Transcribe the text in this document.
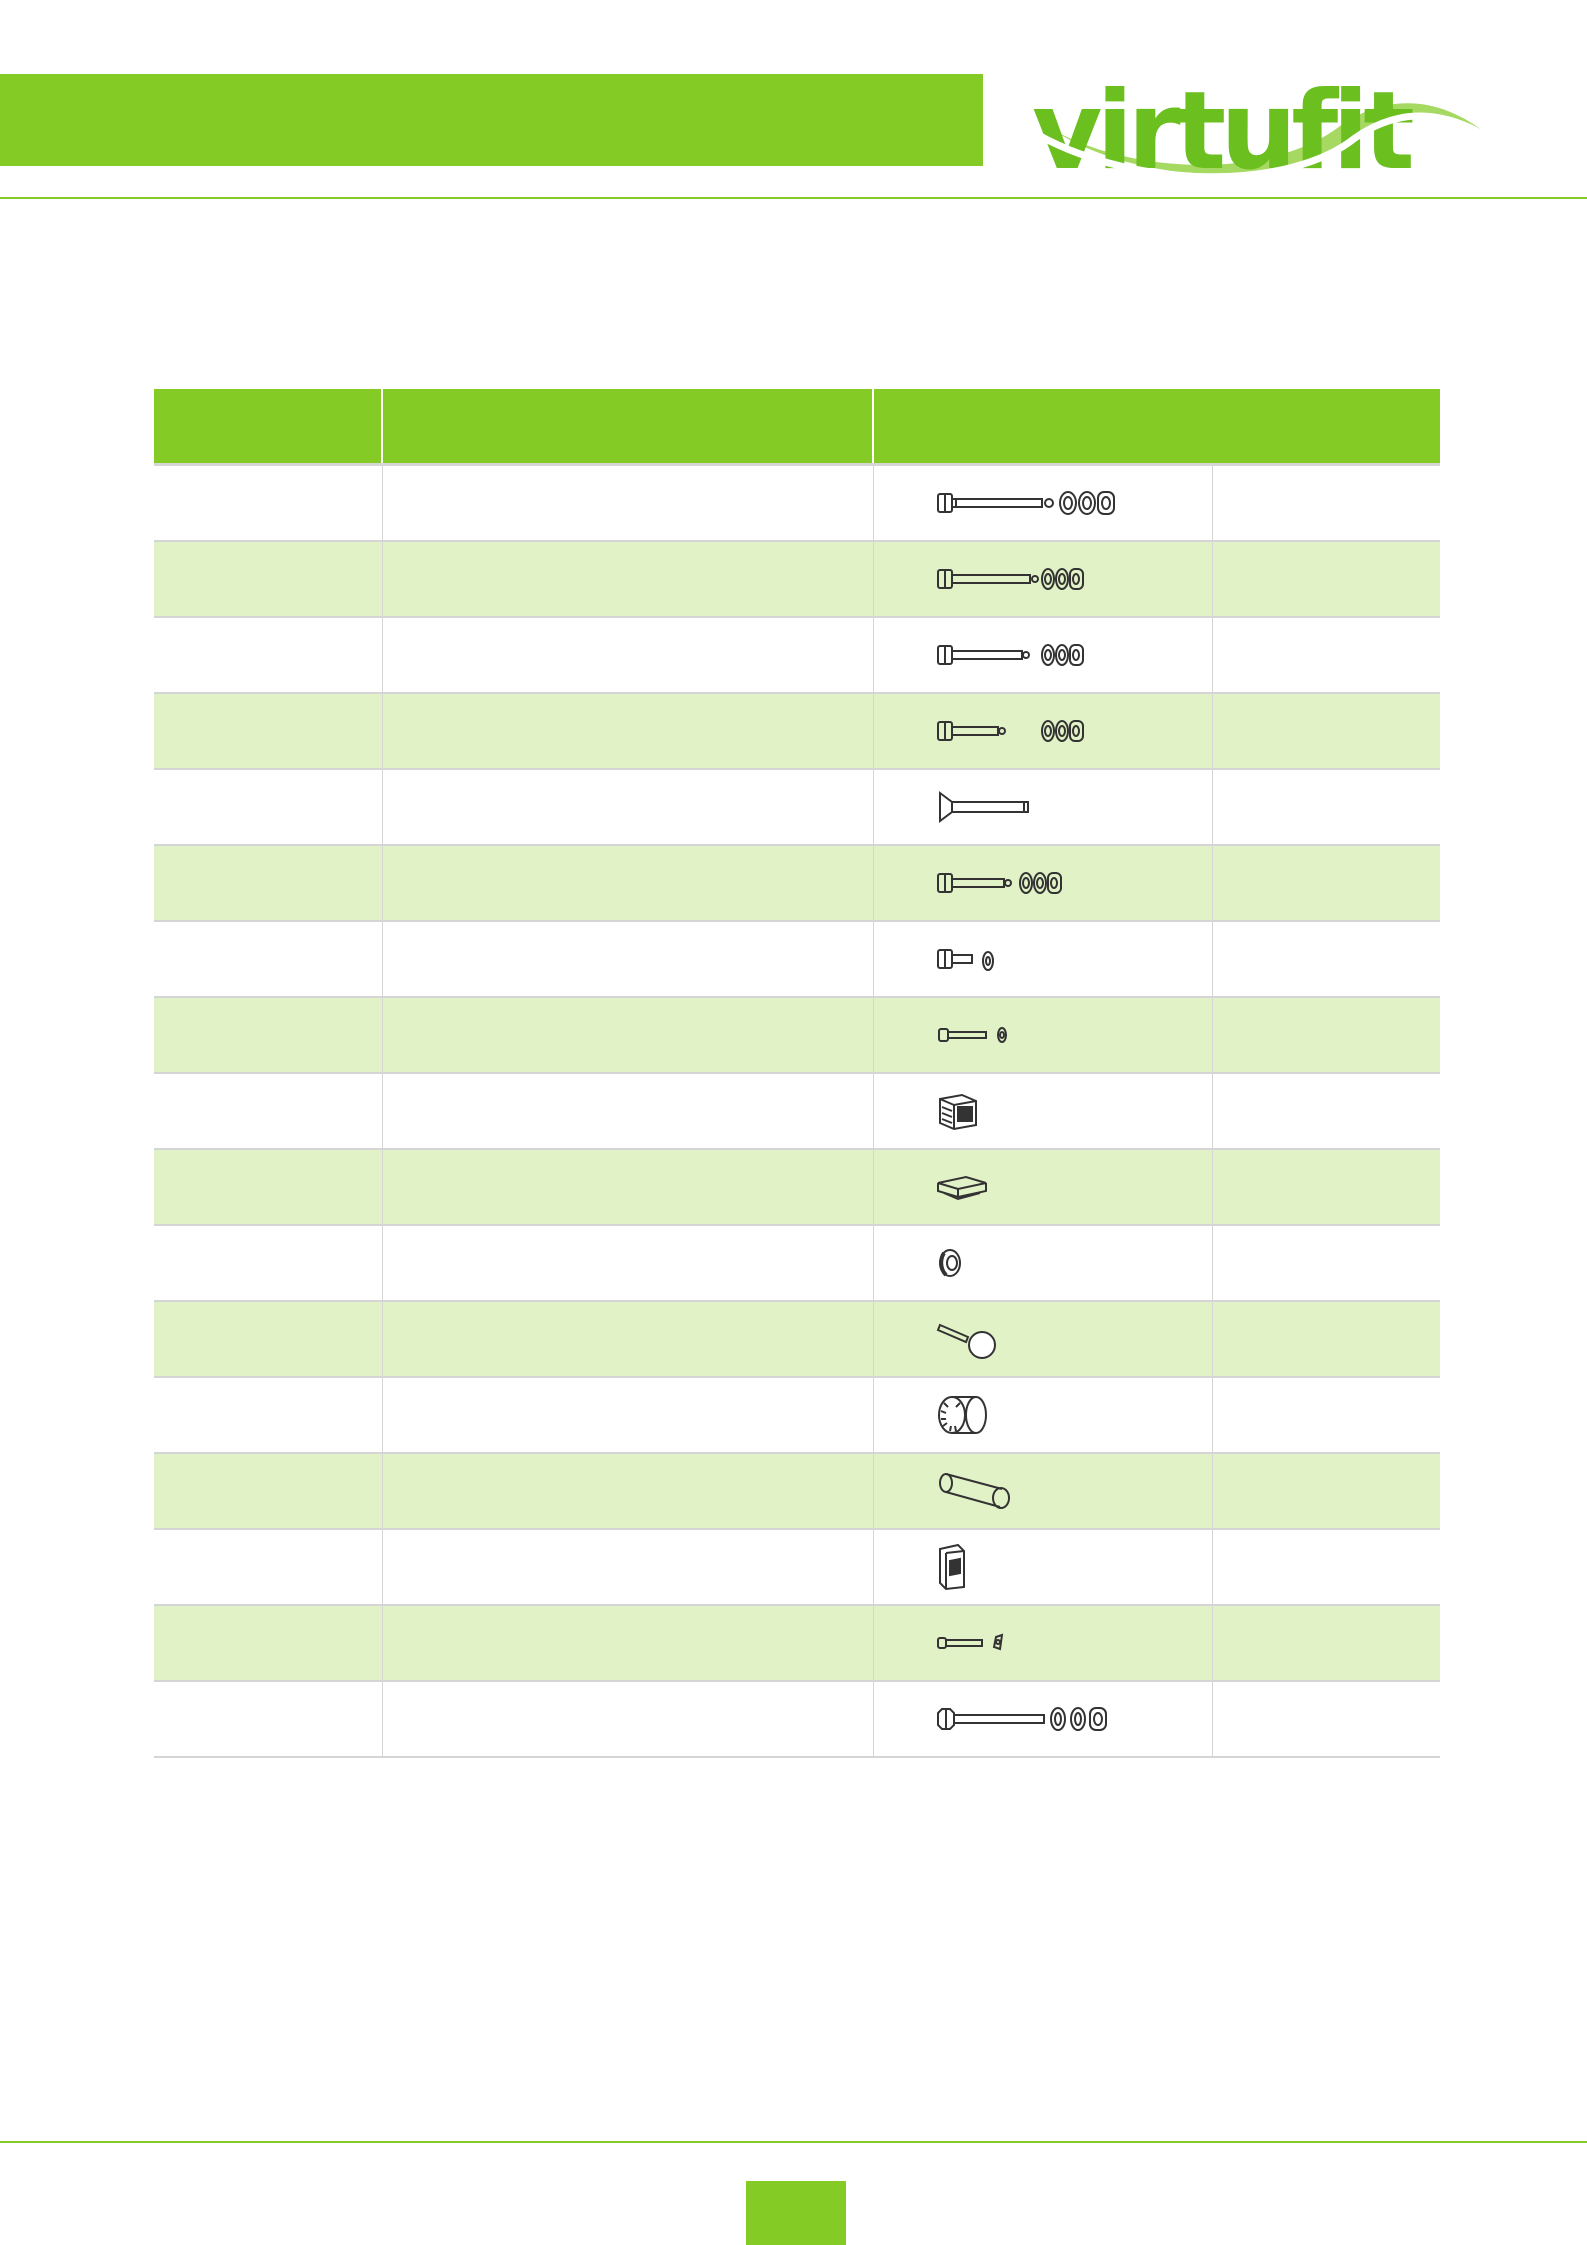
virtufit
